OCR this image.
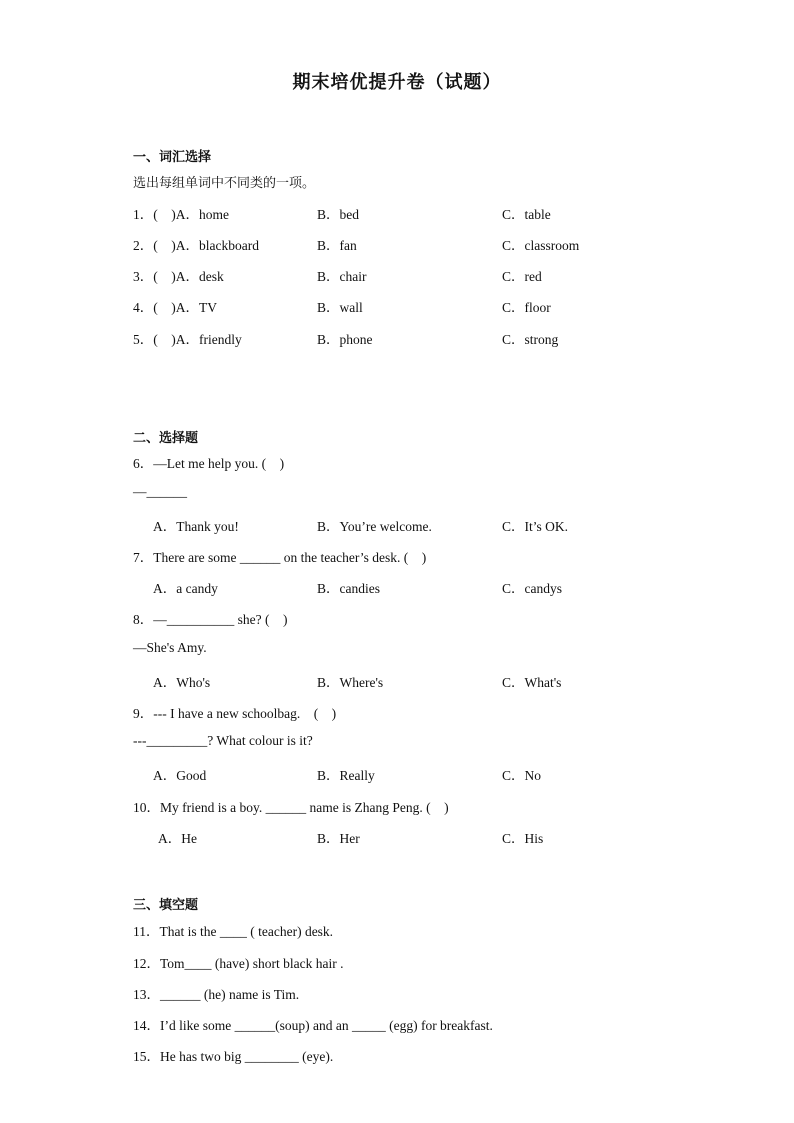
期末培优提升卷（试题）
一、词汇选择
选出每组单词中不同类的一项。
1．(　)A．home	B．bed	C．table
2．(　)A．blackboard	B．fan	C．classroom
3．(　)A．desk	B．chair	C．red
4．(　)A．TV	B．wall	C．floor
5．(　)A．friendly	B．phone	C．strong
二、选择题
6．—Let me help you. (　)
—______
A．Thank you!	B．You’re welcome.	C．It’s OK.
7．There are some ______ on the teacher’s desk. (　)
A．a candy	B．candies	C．candys
8．—__________ she? (　)
—She's Amy.
A．Who's	B．Where's	C．What's
9．--- I have a new schoolbag.　(　)
---_________? What colour is it?
A．Good	B．Really	C．No
10．My friend is a boy. ______ name is Zhang Peng. (　)
A．He	B．Her	C．His
三、填空题
11．That is the ____ ( teacher) desk.
12．Tom____ (have) short black hair .
13．______ (he) name is Tim.
14．I’d like some ______(soup) and an _____ (egg) for breakfast.
15．He has two big ________ (eye).
